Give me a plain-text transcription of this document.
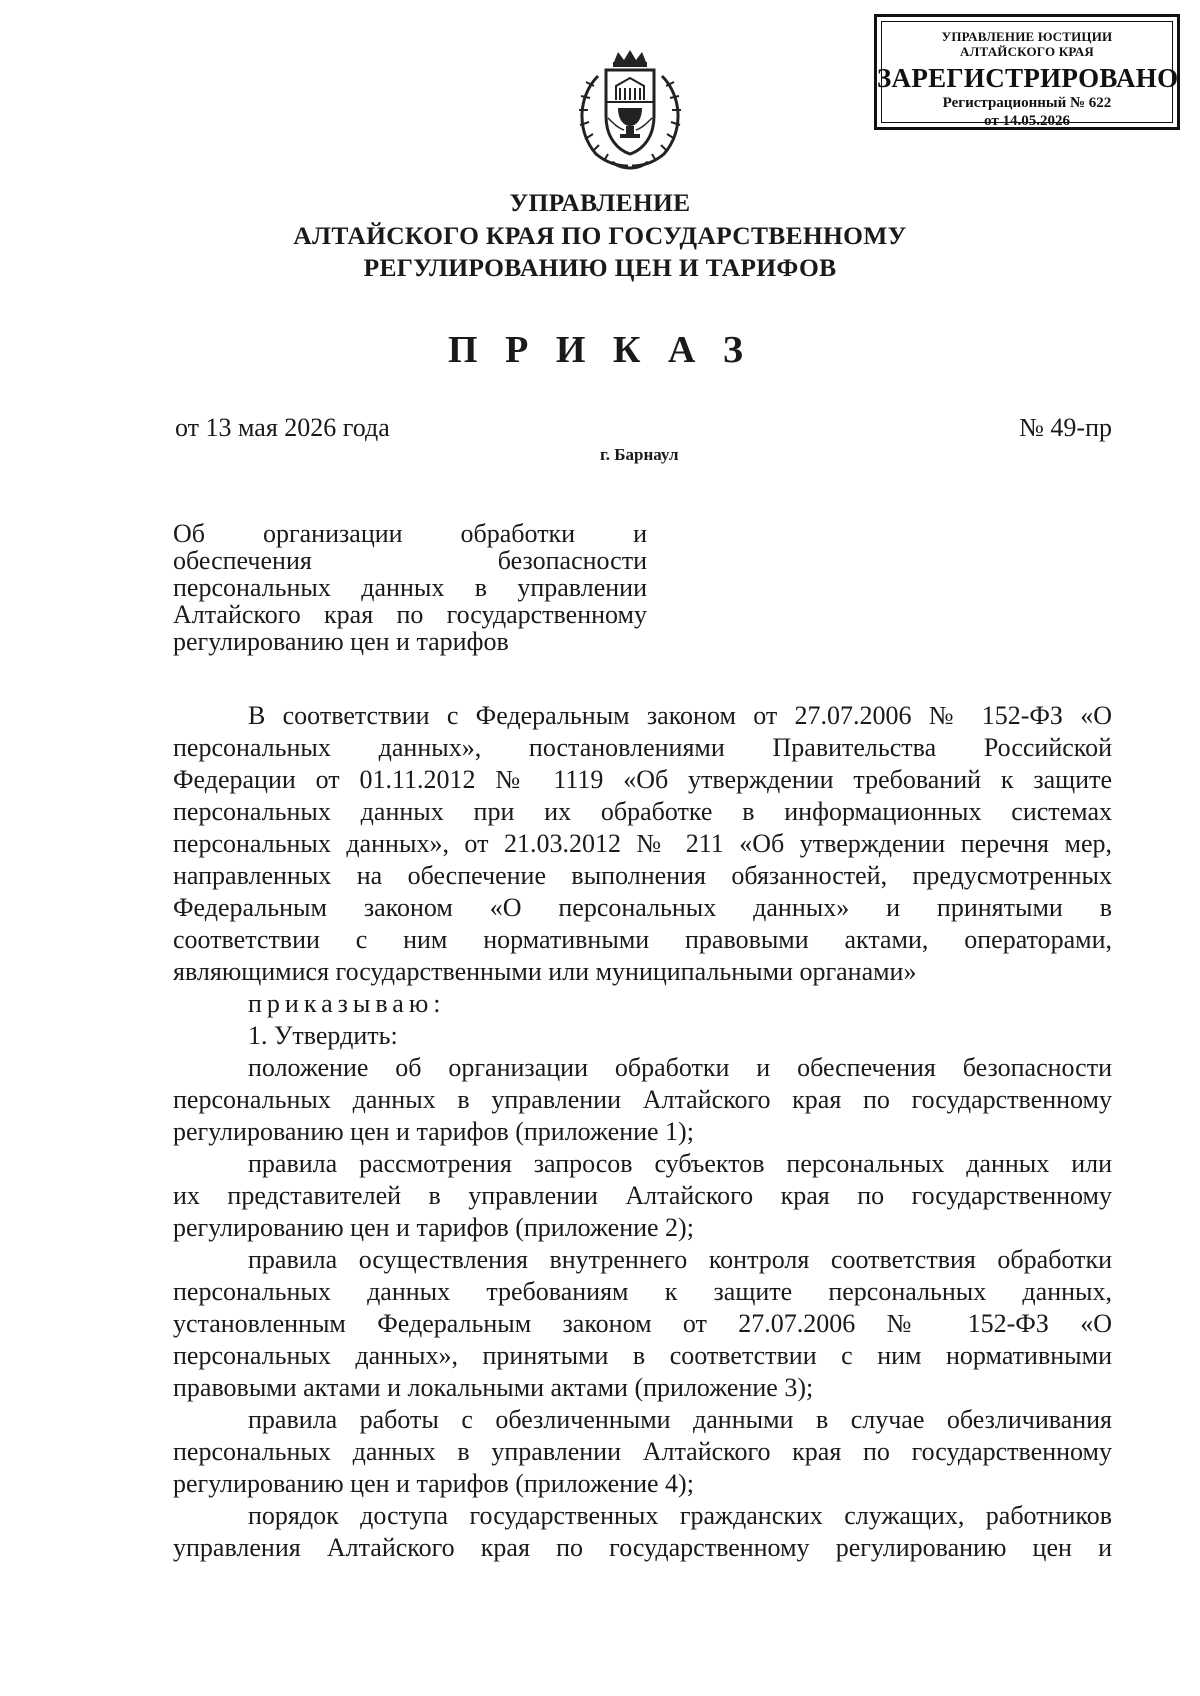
УПРАВЛЕНИЕ ЮСТИЦИИ
АЛТАЙСКОГО КРАЯ
ЗАРЕГИСТРИРОВАНО
Регистрационный № 622
от 14.05.2026
УПРАВЛЕНИЕ
АЛТАЙСКОГО КРАЯ ПО ГОСУДАРСТВЕННОМУ
РЕГУЛИРОВАНИЮ ЦЕН И ТАРИФОВ
П Р И К А З
от 13 мая 2026 года	№ 49-пр
г. Барнаул
Об организации обработки и
обеспечения безопасности
персональных данных в управлении
Алтайского края по государственному
регулированию цен и тарифов
В соответствии с Федеральным законом от 27.07.2006 № 152-ФЗ «О
персональных данных», постановлениями Правительства Российской
Федерации от 01.11.2012 № 1119 «Об утверждении требований к защите
персональных данных при их обработке в информационных системах
персональных данных», от 21.03.2012 № 211 «Об утверждении перечня мер,
направленных на обеспечение выполнения обязанностей, предусмотренных
Федеральным законом «О персональных данных» и принятыми в
соответствии с ним нормативными правовыми актами, операторами,
являющимися государственными или муниципальными органами»
приказываю:
1. Утвердить:
положение об организации обработки и обеспечения безопасности
персональных данных в управлении Алтайского края по государственному
регулированию цен и тарифов (приложение 1);
правила рассмотрения запросов субъектов персональных данных или
их представителей в управлении Алтайского края по государственному
регулированию цен и тарифов (приложение 2);
правила осуществления внутреннего контроля соответствия обработки
персональных данных требованиям к защите персональных данных,
установленным Федеральным законом от 27.07.2006 № 152-ФЗ «О
персональных данных», принятыми в соответствии с ним нормативными
правовыми актами и локальными актами (приложение 3);
правила работы с обезличенными данными в случае обезличивания
персональных данных в управлении Алтайского края по государственному
регулированию цен и тарифов (приложение 4);
порядок доступа государственных гражданских служащих, работников
управления Алтайского края по государственному регулированию цен и
